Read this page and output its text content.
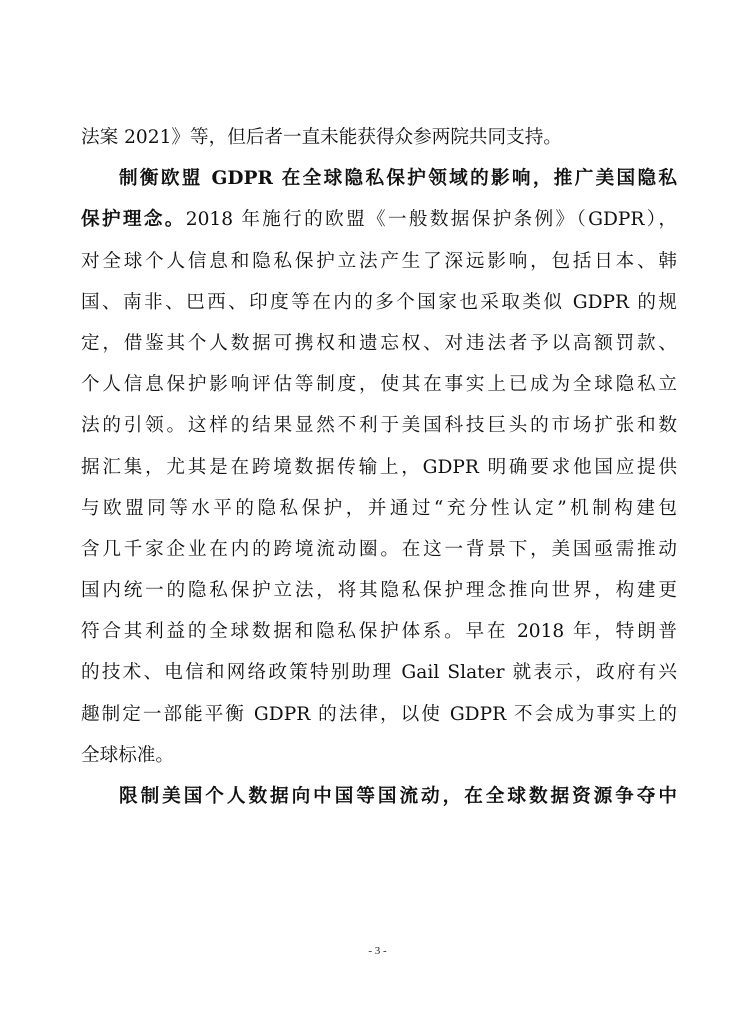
法案 2021》等，但后者一直未能获得众参两院共同支持。
制衡欧盟 GDPR 在全球隐私保护领域的影响，推广美国隐私
保护理念。2018 年施行的欧盟《一般数据保护条例》（GDPR），
对全球个人信息和隐私保护立法产生了深远影响，包括日本、韩
国、南非、巴西、印度等在内的多个国家也采取类似 GDPR 的规
定，借鉴其个人数据可携权和遗忘权、对违法者予以高额罚款、
个人信息保护影响评估等制度，使其在事实上已成为全球隐私立
法的引领。这样的结果显然不利于美国科技巨头的市场扩张和数
据汇集，尤其是在跨境数据传输上，GDPR 明确要求他国应提供
与欧盟同等水平的隐私保护，并通过“充分性认定”机制构建包
含几千家企业在内的跨境流动圈。在这一背景下，美国亟需推动
国内统一的隐私保护立法，将其隐私保护理念推向世界，构建更
符合其利益的全球数据和隐私保护体系。早在 2018 年，特朗普
的技术、电信和网络政策特别助理 Gail Slater 就表示，政府有兴
趣制定一部能平衡 GDPR 的法律，以使 GDPR 不会成为事实上的
全球标准。
限制美国个人数据向中国等国流动，在全球数据资源争夺中
- 3 -
